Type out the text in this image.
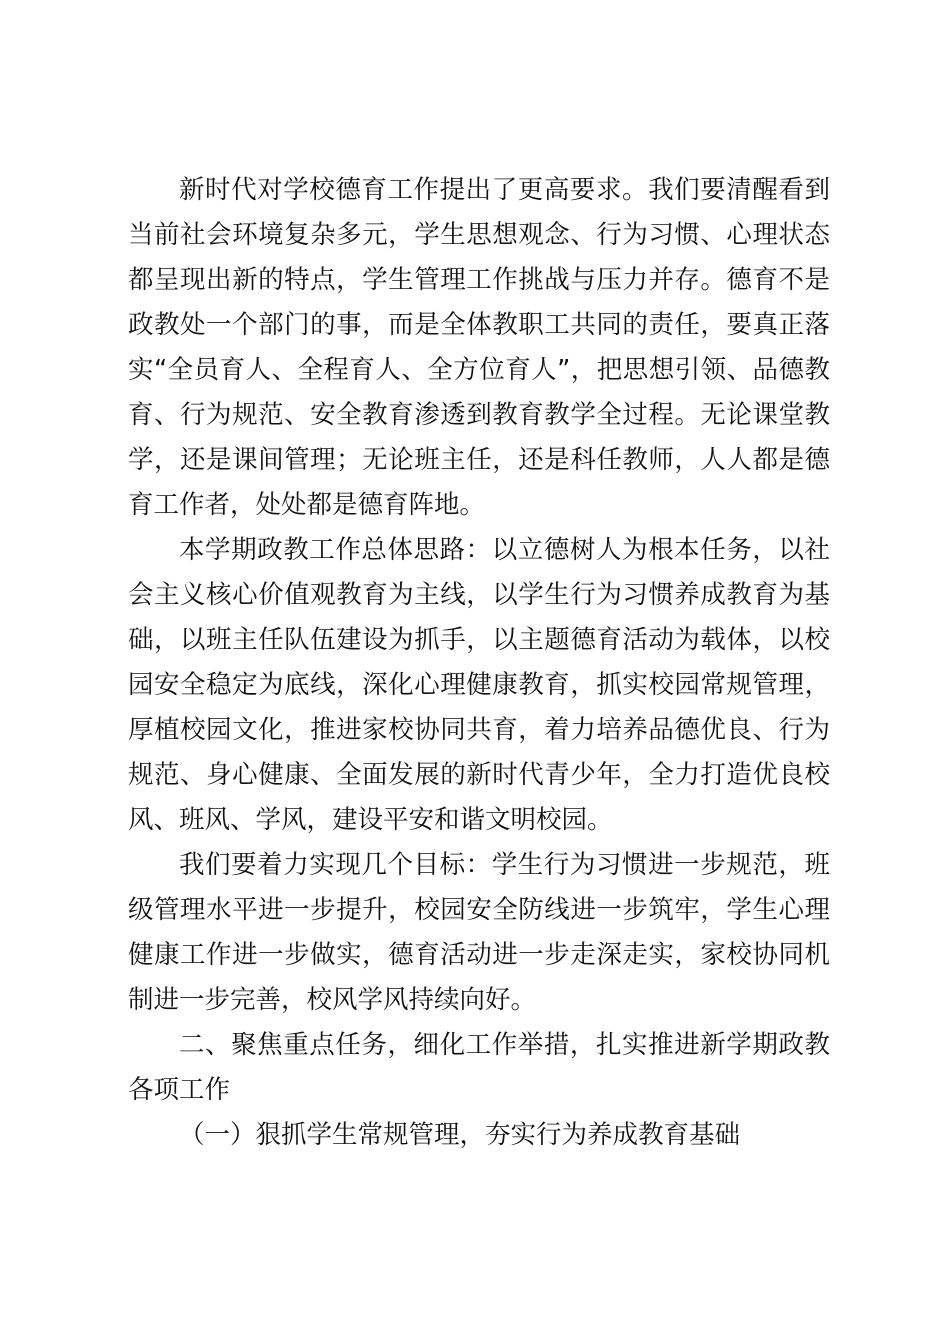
新时代对学校德育工作提出了更高要求。我们要清醒看到当前社会环境复杂多元，学生思想观念、行为习惯、心理状态都呈现出新的特点，学生管理工作挑战与压力并存。德育不是政教处一个部门的事，而是全体教职工共同的责任，要真正落实“全员育人、全程育人、全方位育人”，把思想引领、品德教育、行为规范、安全教育渗透到教育教学全过程。无论课堂教学，还是课间管理；无论班主任，还是科任教师，人人都是德育工作者，处处都是德育阵地。

本学期政教工作总体思路：以立德树人为根本任务，以社会主义核心价值观教育为主线，以学生行为习惯养成教育为基础，以班主任队伍建设为抓手，以主题德育活动为载体，以校园安全稳定为底线，深化心理健康教育，抓实校园常规管理，厚植校园文化，推进家校协同共育，着力培养品德优良、行为规范、身心健康、全面发展的新时代青少年，全力打造优良校风、班风、学风，建设平安和谐文明校园。

我们要着力实现几个目标：学生行为习惯进一步规范，班级管理水平进一步提升，校园安全防线进一步筑牢，学生心理健康工作进一步做实，德育活动进一步走深走实，家校协同机制进一步完善，校风学风持续向好。

二、聚焦重点任务，细化工作举措，扎实推进新学期政教各项工作

（一）狠抓学生常规管理，夯实行为养成教育基础
